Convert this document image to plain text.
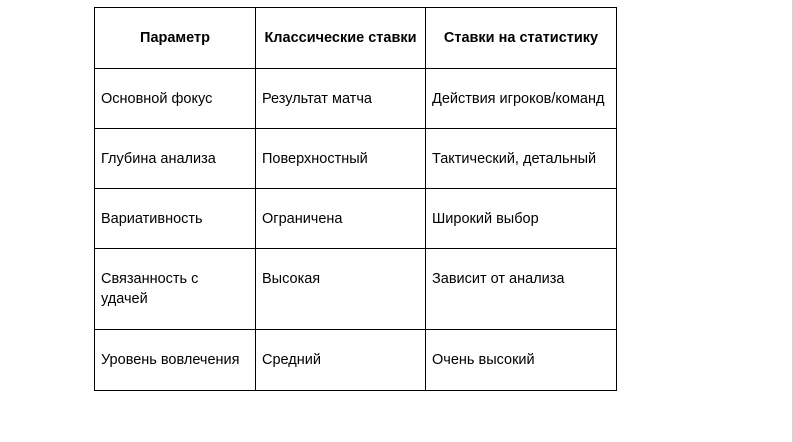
Параметр	Классические ставки	Ставки на статистику
Основной фокус	Результат матча	Действия игроков/команд
Глубина анализа	Поверхностный	Тактический, детальный
Вариативность	Ограничена	Широкий выбор
Связанность с удачей	Высокая	Зависит от анализа
Уровень вовлечения	Средний	Очень высокий
